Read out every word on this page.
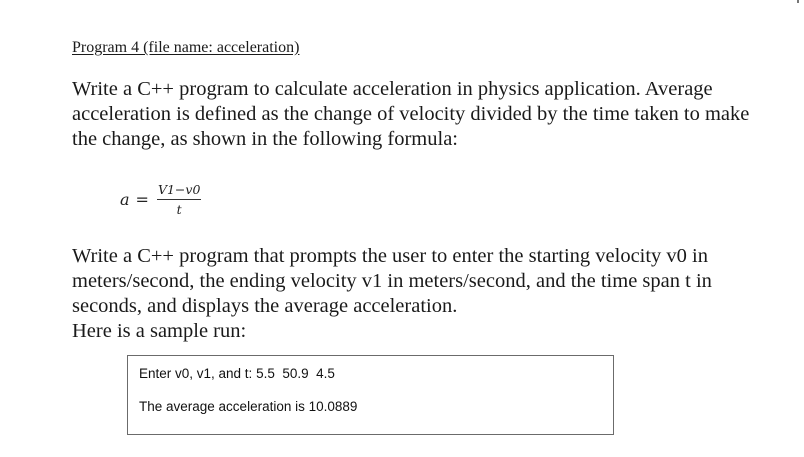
Program 4 (file name: acceleration)

Write a C++ program to calculate acceleration in physics application. Average
acceleration is defined as the change of velocity divided by the time taken to make
the change, as shown in the following formula:

$a = \frac{V1-v0}{t}$

Write a C++ program that prompts the user to enter the starting velocity v0 in
meters/second, the ending velocity v1 in meters/second, and the time span t in
seconds, and displays the average acceleration.
Here is a sample run:

Enter v0, v1, and t: 5.5  50.9  4.5
The average acceleration is 10.0889
